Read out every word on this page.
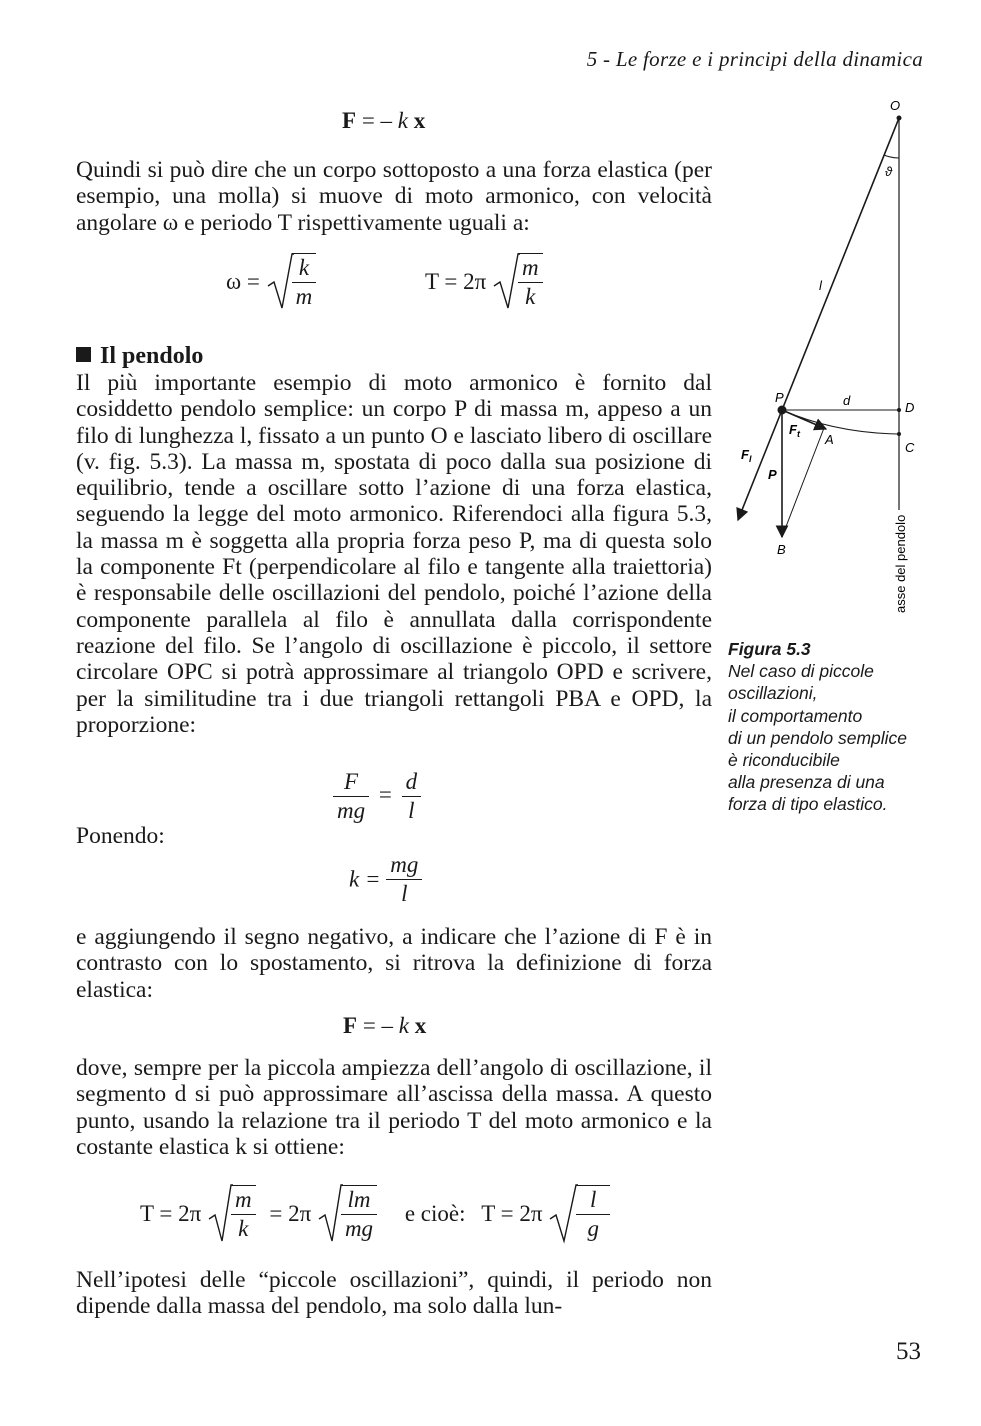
5 - Le forze e i principi della dinamica
F = – k x

Quindi si può dire che un corpo sottoposto a una forza elastica (per esempio, una molla) si muove di moto armonico, con velocità angolare ω e periodo T rispettivamente uguali a:

$\omega = \frac{k}{m}$	$T = 2\pi \frac{m}{k}$
Il pendolo

Il più importante esempio di moto armonico è fornito dal cosiddetto pendolo semplice: un corpo P di massa m, appeso a un filo di lunghezza l, fissato a un punto O e lasciato libero di oscillare (v. fig. 5.3). La massa m, spostata di poco dalla sua posizione di equilibrio, tende a oscillare sotto l’azione di una forza elastica, seguendo la legge del moto armonico. Riferendoci alla figura 5.3, la massa m è soggetta alla propria forza peso P, ma di questa solo la componente Ft (perpendicolare al filo e tangente alla traiettoria) è responsabile delle oscillazioni del pendolo, poiché l’azione della componente parallela al filo è annullata dalla corrispondente reazione del filo. Se l’angolo di oscillazione è piccolo, il settore circolare OPC si potrà approssimare al triangolo OPD e scrivere, per la similitudine tra i due triangoli rettangoli PBA e OPD, la proporzione:

$\frac{F}{mg} = \frac{d}{l}$
Ponendo:
$k = \frac{mg}{l}$

e aggiungendo il segno negativo, a indicare che l’azione di F è in contrasto con lo spostamento, si ritrova la definizione di forza elastica:

F = – k x

dove, sempre per la piccola ampiezza dell’angolo di oscillazione, il segmento d si può approssimare all’ascissa della massa. A questo punto, usando la relazione tra il periodo T del moto armonico e la costante elastica k si ottiene:

$T = 2\pi \frac{m}{k} = 2\pi \frac{lm}{mg}$ e cioè: $T = 2\pi \frac{l}{g}$

Nell’ipotesi delle “piccole oscillazioni”, quindi, il periodo non dipende dalla massa del pendolo, ma solo dalla lun-

O
ϑ
l
P	d	D
$F_t$ A
C
$F_l$
P
B	asse del pendolo
Figura 5.3
Nel caso di piccole
oscillazioni,
il comportamento
di un pendolo semplice
è riconducibile
alla presenza di una
forza di tipo elastico.
53
